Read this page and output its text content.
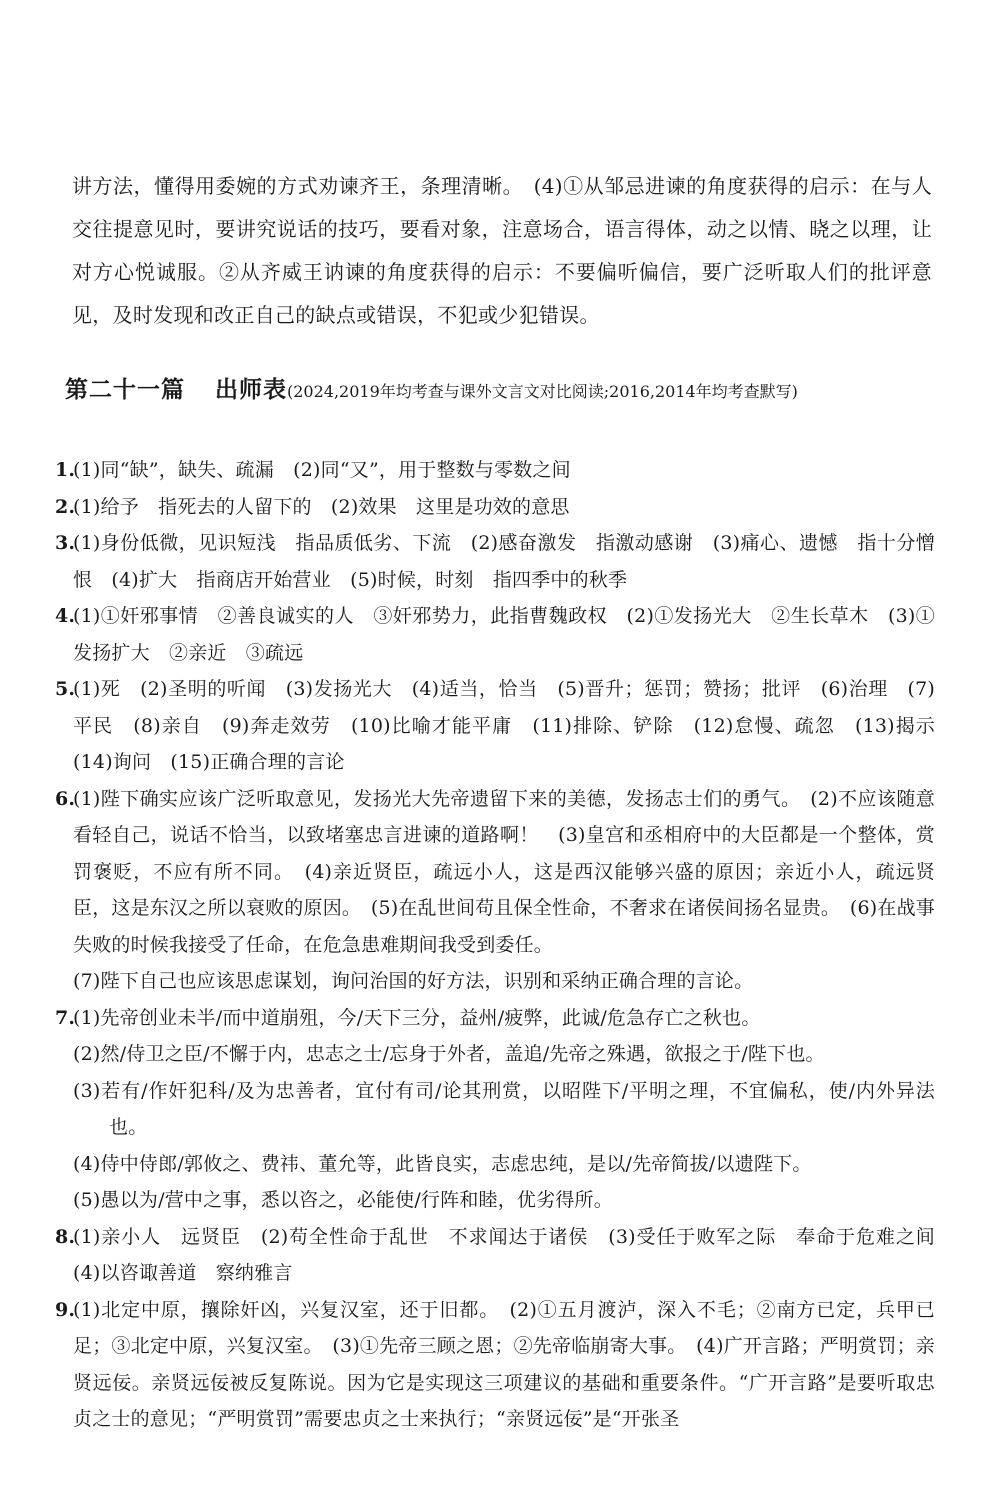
讲方法，懂得用委婉的方式劝谏齐王，条理清晰。　(4)①从邹忌进谏的角度获得的启示：在与人交往提意见时，要讲究说话的技巧，要看对象，注意场合，语言得体，动之以情、晓之以理，让对方心悦诚服。②从齐威王讷谏的角度获得的启示：不要偏听偏信，要广泛听取人们的批评意见，及时发现和改正自己的缺点或错误，不犯或少犯错误。

第二十一篇 出师表(2024,2019年均考查与课外文言文对比阅读;2016,2014年均考查默写)
1.
(1)同“缺”，缺失、疏漏　(2)同“又”，用于整数与零数之间
2.
(1)给予　指死去的人留下的　(2)效果　这里是功效的意思
3.
(1)身份低微，见识短浅　指品质低劣、下流　(2)感奋激发　指激动感谢　(3)痛心、遗憾　指十分憎恨　(4)扩大　指商店开始营业　(5)时候，时刻　指四季中的秋季
4.
(1)①奸邪事情　②善良诚实的人　③奸邪势力，此指曹魏政权　(2)①发扬光大　②生长草木　(3)①发扬扩大　②亲近　③疏远
5.
(1)死　(2)圣明的听闻　(3)发扬光大　(4)适当，恰当　(5)晋升；惩罚；赞扬；批评　(6)治理　(7)平民　(8)亲自　(9)奔走效劳　(10)比喻才能平庸　(11)排除、铲除　(12)怠慢、疏忽　(13)揭示　(14)询问　(15)正确合理的言论
6.
(1)陛下确实应该广泛听取意见，发扬光大先帝遗留下来的美德，发扬志士们的勇气。　(2)不应该随意看轻自己，说话不恰当，以致堵塞忠言进谏的道路啊！　(3)皇宫和丞相府中的大臣都是一个整体，赏罚褒贬，不应有所不同。　(4)亲近贤臣，疏远小人，这是西汉能够兴盛的原因；亲近小人，疏远贤臣，这是东汉之所以衰败的原因。　(5)在乱世间苟且保全性命，不奢求在诸侯间扬名显贵。　(6)在战事失败的时候我接受了任命，在危急患难期间我受到委任。
(7)陛下自己也应该思虑谋划，询问治国的好方法，识别和采纳正确合理的言论。
7.
(1)先帝创业未半/而中道崩殂，今/天下三分，益州/疲弊，此诚/危急存亡之秋也。
(2)然/侍卫之臣/不懈于内，忠志之士/忘身于外者，盖追/先帝之殊遇，欲报之于/陛下也。
(3)若有/作奸犯科/及为忠善者，宜付有司/论其刑赏，以昭陛下/平明之理，不宜偏私，使/内外异法也。
(4)侍中侍郎/郭攸之、费祎、董允等，此皆良实，志虑忠纯，是以/先帝简拔/以遗陛下。
(5)愚以为/营中之事，悉以咨之，必能使/行阵和睦，优劣得所。
8.
(1)亲小人　远贤臣　(2)苟全性命于乱世　不求闻达于诸侯　(3)受任于败军之际　奉命于危难之间　(4)以咨诹善道　察纳雅言
9.
(1)北定中原，攘除奸凶，兴复汉室，还于旧都。　(2)①五月渡泸，深入不毛；②南方已定，兵甲已足；③北定中原，兴复汉室。　(3)①先帝三顾之恩；②先帝临崩寄大事。　(4)广开言路；严明赏罚；亲贤远佞。亲贤远佞被反复陈说。因为它是实现这三项建议的基础和重要条件。“广开言路”是要听取忠贞之士的意见；“严明赏罚”需要忠贞之士来执行；“亲贤远佞”是“开张圣
